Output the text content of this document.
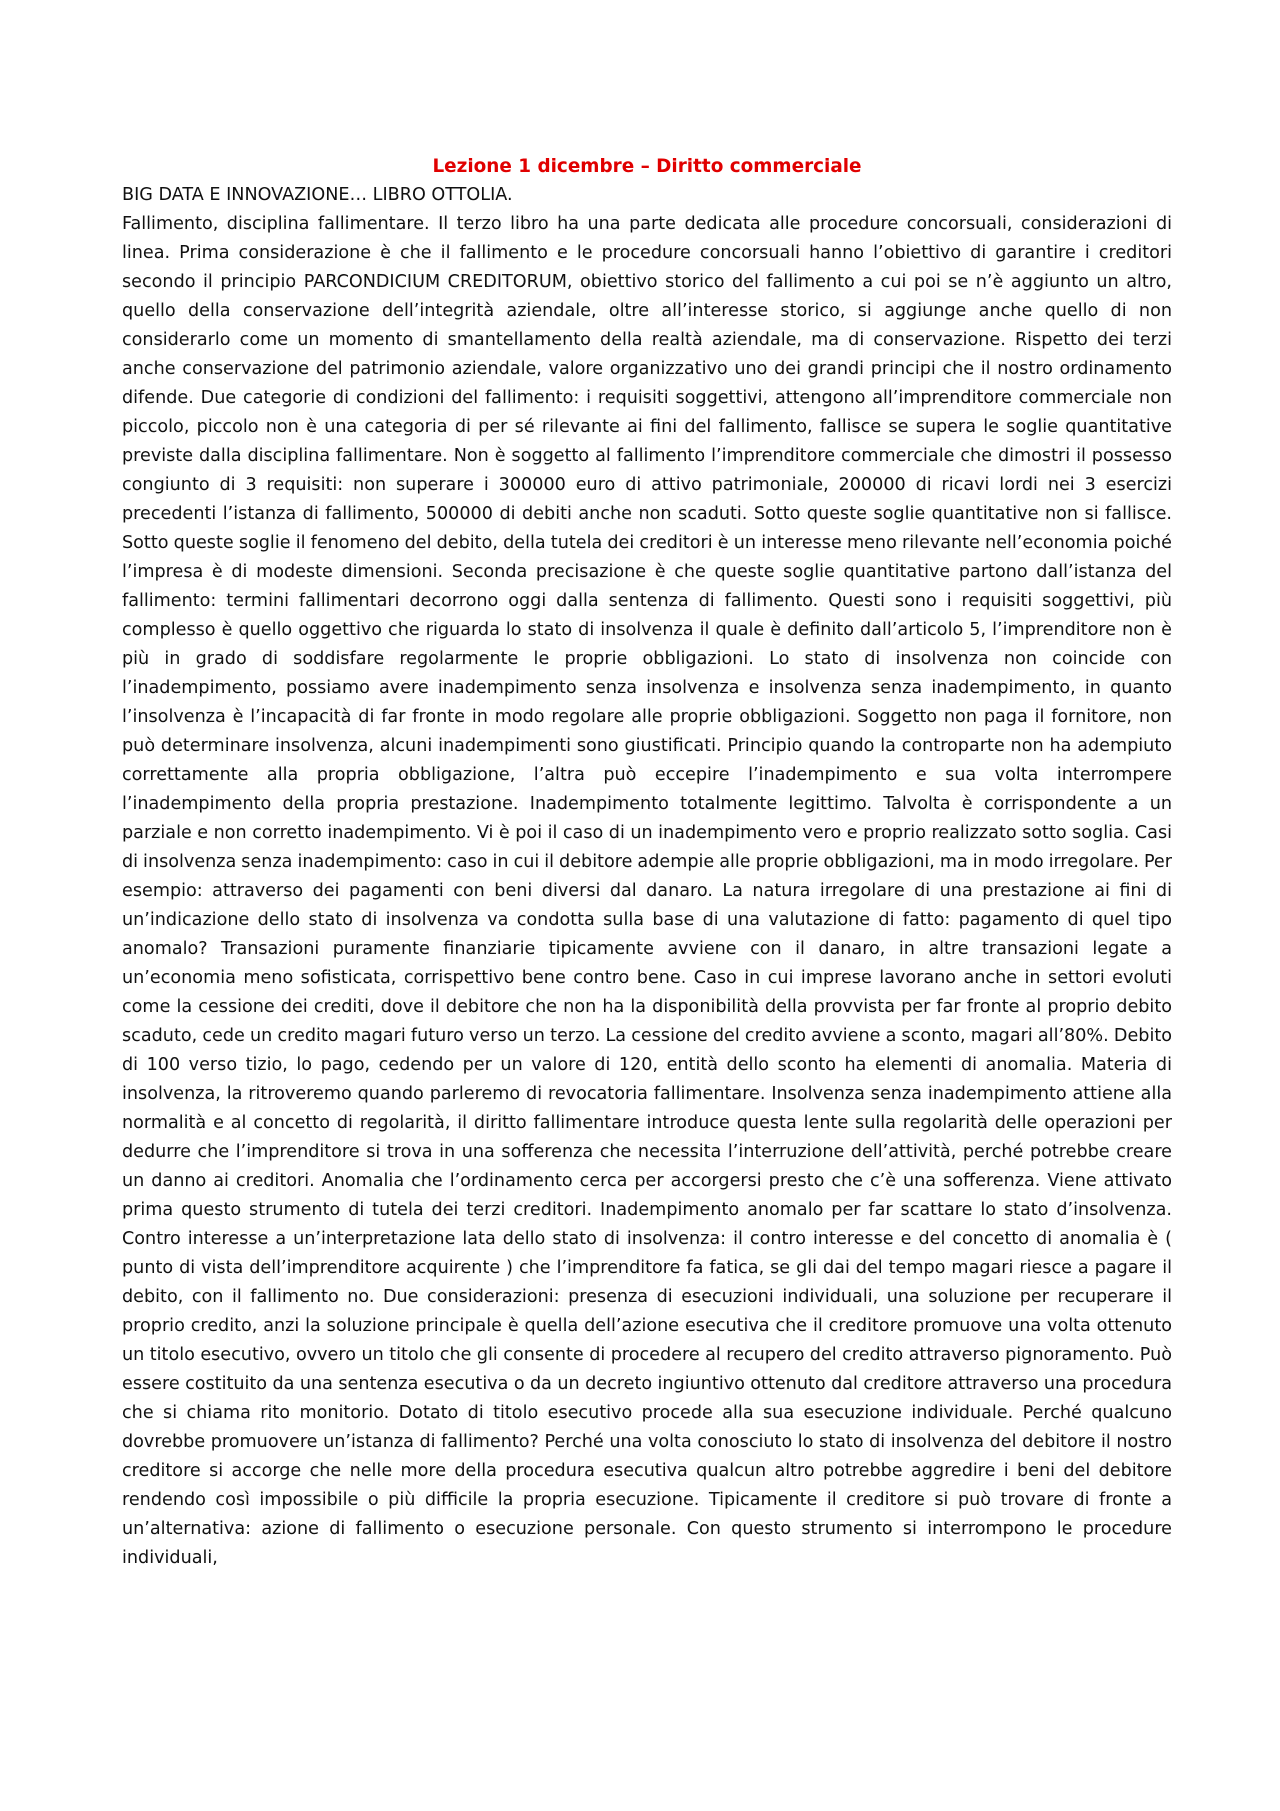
Lezione 1 dicembre – Diritto commerciale

BIG DATA E INNOVAZIONE… LIBRO OTTOLIA.

Fallimento, disciplina fallimentare. Il terzo libro ha una parte dedicata alle procedure concorsuali, considerazioni di linea. Prima considerazione è che il fallimento e le procedure concorsuali hanno l’obiettivo di garantire i creditori secondo il principio PARCONDICIUM CREDITORUM, obiettivo storico del fallimento a cui poi se n’è aggiunto un altro, quello della conservazione dell’integrità aziendale, oltre all’interesse storico, si aggiunge anche quello di non considerarlo come un momento di smantellamento della realtà aziendale, ma di conservazione. Rispetto dei terzi anche conservazione del patrimonio aziendale, valore organizzativo uno dei grandi principi che il nostro ordinamento difende. Due categorie di condizioni del fallimento: i requisiti soggettivi, attengono all’imprenditore commerciale non piccolo, piccolo non è una categoria di per sé rilevante ai fini del fallimento, fallisce se supera le soglie quantitative previste dalla disciplina fallimentare. Non è soggetto al fallimento l’imprenditore commerciale che dimostri il possesso congiunto di 3 requisiti: non superare i 300000 euro di attivo patrimoniale, 200000 di ricavi lordi nei 3 esercizi precedenti l’istanza di fallimento, 500000 di debiti anche non scaduti. Sotto queste soglie quantitative non si fallisce. Sotto queste soglie il fenomeno del debito, della tutela dei creditori è un interesse meno rilevante nell’economia poiché l’impresa è di modeste dimensioni. Seconda precisazione è che queste soglie quantitative partono dall’istanza del fallimento: termini fallimentari decorrono oggi dalla sentenza di fallimento. Questi sono i requisiti soggettivi, più complesso è quello oggettivo che riguarda lo stato di insolvenza il quale è definito dall’articolo 5, l’imprenditore non è più in grado di soddisfare regolarmente le proprie obbligazioni. Lo stato di insolvenza non coincide con l’inadempimento, possiamo avere inadempimento senza insolvenza e insolvenza senza inadempimento, in quanto l’insolvenza è l’incapacità di far fronte in modo regolare alle proprie obbligazioni. Soggetto non paga il fornitore, non può determinare insolvenza, alcuni inadempimenti sono giustificati. Principio quando la controparte non ha adempiuto correttamente alla propria obbligazione, l’altra può eccepire l’inadempimento e sua volta interrompere l’inadempimento della propria prestazione. Inadempimento totalmente legittimo. Talvolta è corrispondente a un parziale e non corretto inadempimento. Vi è poi il caso di un inadempimento vero e proprio realizzato sotto soglia. Casi di insolvenza senza inadempimento: caso in cui il debitore adempie alle proprie obbligazioni, ma in modo irregolare. Per esempio: attraverso dei pagamenti con beni diversi dal danaro. La natura irregolare di una prestazione ai fini di un’indicazione dello stato di insolvenza va condotta sulla base di una valutazione di fatto: pagamento di quel tipo anomalo? Transazioni puramente finanziarie tipicamente avviene con il danaro, in altre transazioni legate a un’economia meno sofisticata, corrispettivo bene contro bene. Caso in cui imprese lavorano anche in settori evoluti come la cessione dei crediti, dove il debitore che non ha la disponibilità della provvista per far fronte al proprio debito scaduto, cede un credito magari futuro verso un terzo. La cessione del credito avviene a sconto, magari all’80%. Debito di 100 verso tizio, lo pago, cedendo per un valore di 120, entità dello sconto ha elementi di anomalia. Materia di insolvenza, la ritroveremo quando parleremo di revocatoria fallimentare. Insolvenza senza inadempimento attiene alla normalità e al concetto di regolarità, il diritto fallimentare introduce questa lente sulla regolarità delle operazioni per dedurre che l’imprenditore si trova in una sofferenza che necessita l’interruzione dell’attività, perché potrebbe creare un danno ai creditori. Anomalia che l’ordinamento cerca per accorgersi presto che c’è una sofferenza. Viene attivato prima questo strumento di tutela dei terzi creditori. Inadempimento anomalo per far scattare lo stato d’insolvenza. Contro interesse a un’interpretazione lata dello stato di insolvenza: il contro interesse e del concetto di anomalia è ( punto di vista dell’imprenditore acquirente ) che l’imprenditore fa fatica, se gli dai del tempo magari riesce a pagare il debito, con il fallimento no. Due considerazioni: presenza di esecuzioni individuali, una soluzione per recuperare il proprio credito, anzi la soluzione principale è quella dell’azione esecutiva che il creditore promuove una volta ottenuto un titolo esecutivo, ovvero un titolo che gli consente di procedere al recupero del credito attraverso pignoramento. Può essere costituito da una sentenza esecutiva o da un decreto ingiuntivo ottenuto dal creditore attraverso una procedura che si chiama rito monitorio. Dotato di titolo esecutivo procede alla sua esecuzione individuale. Perché qualcuno dovrebbe promuovere un’istanza di fallimento? Perché una volta conosciuto lo stato di insolvenza del debitore il nostro creditore si accorge che nelle more della procedura esecutiva qualcun altro potrebbe aggredire i beni del debitore rendendo così impossibile o più difficile la propria esecuzione. Tipicamente il creditore si può trovare di fronte a un’alternativa: azione di fallimento o esecuzione personale. Con questo strumento si interrompono le procedure individuali,
